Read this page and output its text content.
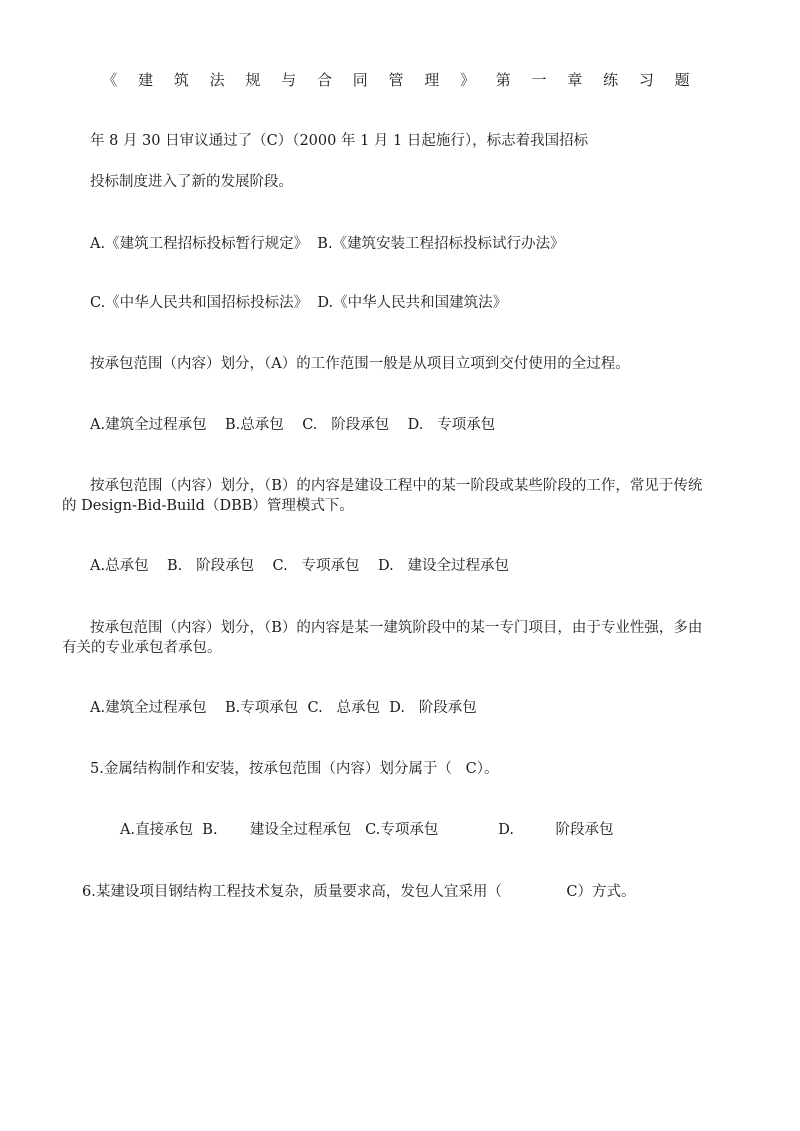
《 建 筑 法 规 与 合 同 管 理 》 第 一 章 练 习 题
年 8 月 30 日审议通过了（C）（2000 年 1 月 1 日起施行），标志着我国招标
投标制度进入了新的发展阶段。
A.《建筑工程招标投标暂行规定》  B.《建筑安装工程招标投标试行办法》
C.《中华人民共和国招标投标法》  D.《中华人民共和国建筑法》
按承包范围（内容）划分，（A）的工作范围一般是从项目立项到交付使用的全过程。
A.建筑全过程承包    B.总承包    C.   阶段承包    D.   专项承包
按承包范围（内容）划分，（B）的内容是建设工程中的某一阶段或某些阶段的工作，常见于传统
的 Design-Bid-Build（DBB）管理模式下。
A.总承包    B.   阶段承包    C.   专项承包    D.   建设全过程承包
按承包范围（内容）划分，（B）的内容是某一建筑阶段中的某一专门项目，由于专业性强，多由
有关的专业承包者承包。
A.建筑全过程承包    B.专项承包  C.   总承包  D.   阶段承包
5.金属结构制作和安装，按承包范围（内容）划分属于（   C）。
A.直接承包  B.       建设全过程承包   C.专项承包             D.         阶段承包
6.某建设项目钢结构工程技术复杂，质量要求高，发包人宜采用（              C）方式。
